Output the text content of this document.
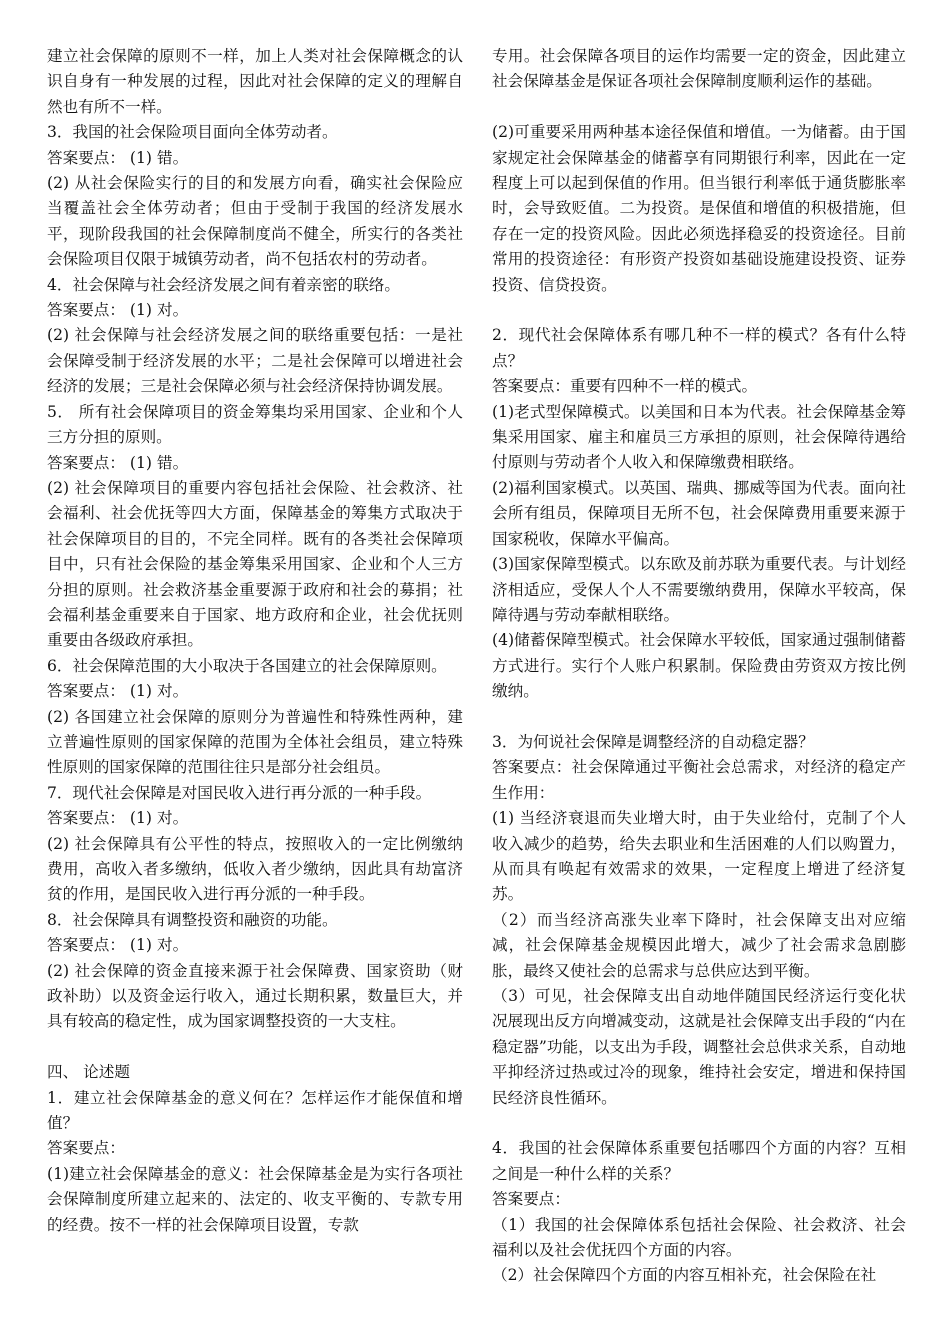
建立社会保障的原则不一样，加上人类对社会保障概念的认识自身有一种发展的过程，因此对社会保障的定义的理解自然也有所不一样。

3．我国的社会保险项目面向全体劳动者。

答案要点： (1) 错。

(2) 从社会保险实行的目的和发展方向看，确实社会保险应当覆盖社会全体劳动者；但由于受制于我国的经济发展水平，现阶段我国的社会保障制度尚不健全，所实行的各类社会保险项目仅限于城镇劳动者，尚不包括农村的劳动者。

4．社会保障与社会经济发展之间有着亲密的联络。

答案要点： (1) 对。

(2) 社会保障与社会经济发展之间的联络重要包括：一是社会保障受制于经济发展的水平；二是社会保障可以增进社会经济的发展；三是社会保障必须与社会经济保持协调发展。

5． 所有社会保障项目的资金筹集均采用国家、企业和个人三方分担的原则。

答案要点： (1) 错。

(2) 社会保障项目的重要内容包括社会保险、社会救济、社会福利、社会优抚等四大方面，保障基金的筹集方式取决于社会保障项目的目的，不完全同样。既有的各类社会保障项目中，只有社会保险的基金筹集采用国家、企业和个人三方分担的原则。社会救济基金重要源于政府和社会的募捐；社会福利基金重要来自于国家、地方政府和企业，社会优抚则重要由各级政府承担。

6．社会保障范围的大小取决于各国建立的社会保障原则。

答案要点： (1) 对。

(2) 各国建立社会保障的原则分为普遍性和特殊性两种，建立普遍性原则的国家保障的范围为全体社会组员，建立特殊性原则的国家保障的范围往往只是部分社会组员。

7．现代社会保障是对国民收入进行再分派的一种手段。

答案要点： (1) 对。

(2) 社会保障具有公平性的特点，按照收入的一定比例缴纳费用，高收入者多缴纳，低收入者少缴纳，因此具有劫富济贫的作用，是国民收入进行再分派的一种手段。

8．社会保障具有调整投资和融资的功能。

答案要点： (1) 对。

(2) 社会保障的资金直接来源于社会保障费、国家资助（财政补助）以及资金运行收入，通过长期积累，数量巨大，并具有较高的稳定性，成为国家调整投资的一大支柱。

四、 论述题

1．建立社会保障基金的意义何在？怎样运作才能保值和增值？

答案要点：

(1)建立社会保障基金的意义：社会保障基金是为实行各项社会保障制度所建立起来的、法定的、收支平衡的、专款专用的经费。按不一样的社会保障项目设置，专款

专用。社会保障各项目的运作均需要一定的资金，因此建立社会保障基金是保证各项社会保障制度顺利运作的基础。

(2)可重要采用两种基本途径保值和增值。一为储蓄。由于国家规定社会保障基金的储蓄享有同期银行利率，因此在一定程度上可以起到保值的作用。但当银行利率低于通货膨胀率时，会导致贬值。二为投资。是保值和增值的积极措施，但存在一定的投资风险。因此必须选择稳妥的投资途径。目前常用的投资途径：有形资产投资如基础设施建设投资、证券投资、信贷投资。

2．现代社会保障体系有哪几种不一样的模式？各有什么特点？

答案要点：重要有四种不一样的模式。

(1)老式型保障模式。以美国和日本为代表。社会保障基金筹集采用国家、雇主和雇员三方承担的原则，社会保障待遇给付原则与劳动者个人收入和保障缴费相联络。

(2)福利国家模式。以英国、瑞典、挪威等国为代表。面向社会所有组员，保障项目无所不包，社会保障费用重要来源于国家税收，保障水平偏高。

(3)国家保障型模式。以东欧及前苏联为重要代表。与计划经济相适应，受保人个人不需要缴纳费用，保障水平较高，保障待遇与劳动奉献相联络。

(4)储蓄保障型模式。社会保障水平较低，国家通过强制储蓄方式进行。实行个人账户积累制。保险费由劳资双方按比例缴纳。

3．为何说社会保障是调整经济的自动稳定器？

答案要点：社会保障通过平衡社会总需求，对经济的稳定产生作用：

(1) 当经济衰退而失业增大时，由于失业给付，克制了个人收入减少的趋势，给失去职业和生活困难的人们以购置力，从而具有唤起有效需求的效果，一定程度上增进了经济复苏。

（2）而当经济高涨失业率下降时，社会保障支出对应缩减，社会保障基金规模因此增大，减少了社会需求急剧膨胀，最终又使社会的总需求与总供应达到平衡。

（3）可见，社会保障支出自动地伴随国民经济运行变化状况展现出反方向增减变动，这就是社会保障支出手段的“内在稳定器”功能，以支出为手段，调整社会总供求关系，自动地平抑经济过热或过冷的现象，维持社会安定，增进和保持国民经济良性循环。

4．我国的社会保障体系重要包括哪四个方面的内容？互相之间是一种什么样的关系？

答案要点：

（1）我国的社会保障体系包括社会保险、社会救济、社会福利以及社会优抚四个方面的内容。

（2）社会保障四个方面的内容互相补充，社会保险在社
